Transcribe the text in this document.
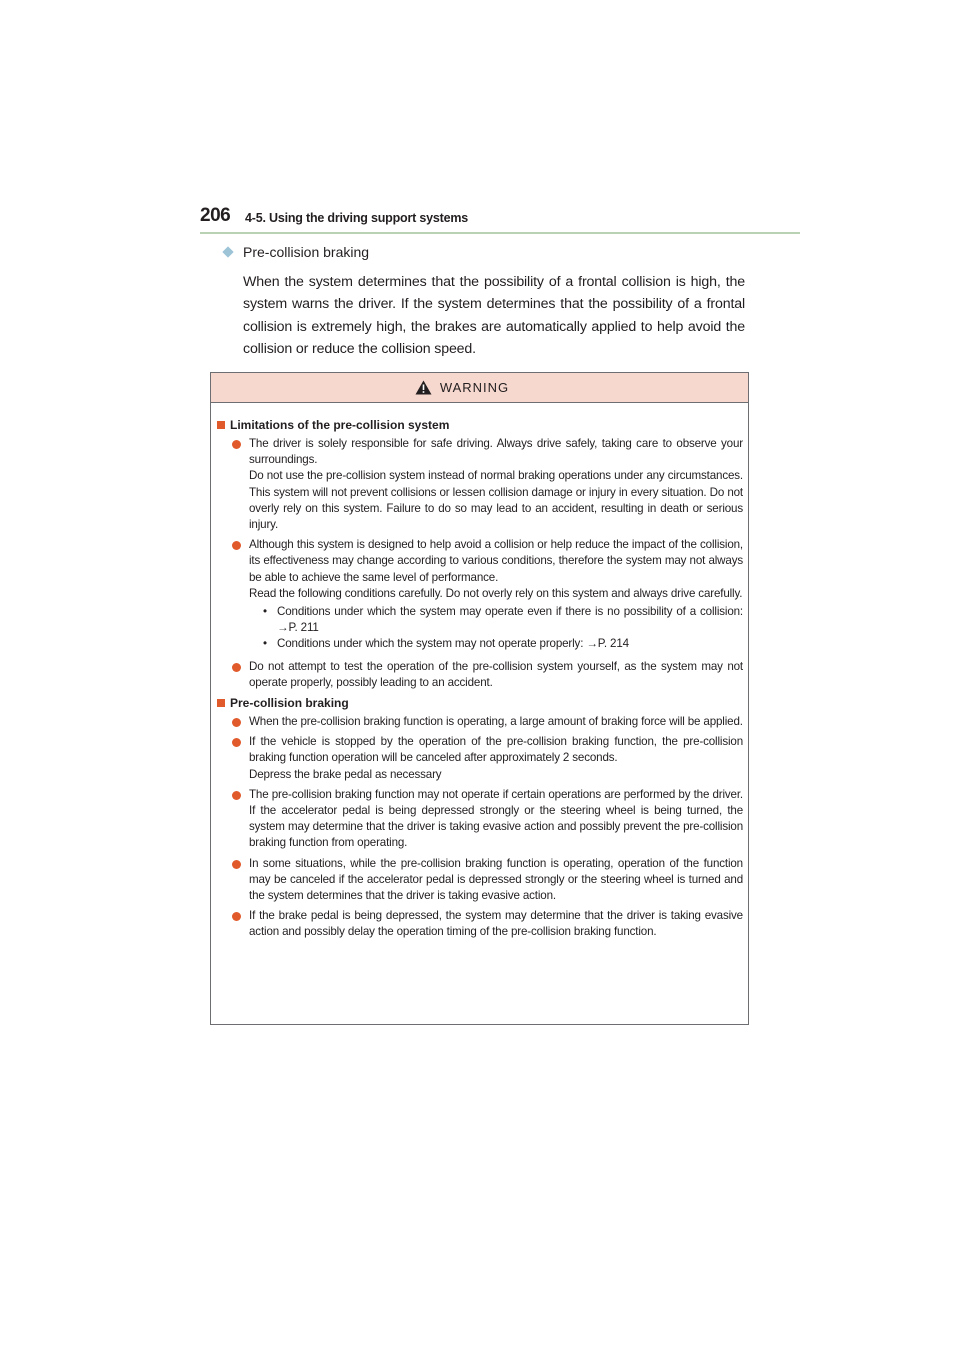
206 4-5. Using the driving support systems
Pre-collision braking

When the system determines that the possibility of a frontal collision is high, the system warns the driver. If the system determines that the possibility of a frontal collision is extremely high, the brakes are automatically applied to help avoid the collision or reduce the collision speed.

WARNING
Limitations of the pre-collision system
The driver is solely responsible for safe driving. Always drive safely, taking care to observe your surroundings.
Do not use the pre-collision system instead of normal braking operations under any circumstances. This system will not prevent collisions or lessen collision damage or injury in every situation. Do not overly rely on this system. Failure to do so may lead to an accident, resulting in death or serious injury.
Although this system is designed to help avoid a collision or help reduce the impact of the collision, its effectiveness may change according to various conditions, therefore the system may not always be able to achieve the same level of performance.
Read the following conditions carefully. Do not overly rely on this system and always drive carefully.
• Conditions under which the system may operate even if there is no possibility of a collision: →P. 211
• Conditions under which the system may not operate properly: →P. 214
Do not attempt to test the operation of the pre-collision system yourself, as the system may not operate properly, possibly leading to an accident.
Pre-collision braking
When the pre-collision braking function is operating, a large amount of braking force will be applied.
If the vehicle is stopped by the operation of the pre-collision braking function, the pre-collision braking function operation will be canceled after approximately 2 seconds.
Depress the brake pedal as necessary
The pre-collision braking function may not operate if certain operations are performed by the driver. If the accelerator pedal is being depressed strongly or the steering wheel is being turned, the system may determine that the driver is taking evasive action and possibly prevent the pre-collision braking function from operating.
In some situations, while the pre-collision braking function is operating, operation of the function may be canceled if the accelerator pedal is depressed strongly or the steering wheel is turned and the system determines that the driver is taking evasive action.
If the brake pedal is being depressed, the system may determine that the driver is taking evasive action and possibly delay the operation timing of the pre-collision braking function.
